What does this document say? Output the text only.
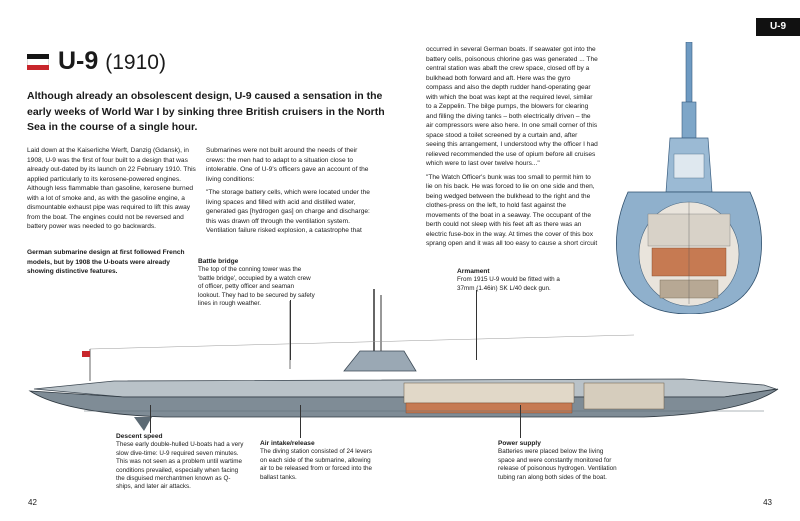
U-9
U-9 (1910)
Although already an obsolescent design, U-9 caused a sensation in the early weeks of World War I by sinking three British cruisers in the North Sea in the course of a single hour.

Laid down at the Kaiserliche Werft, Danzig (Gdansk), in 1908, U-9 was the first of four built to a design that was already out-dated by its launch on 22 February 1910. This applied particularly to its kerosene-powered engines. Although less flammable than gasoline, kerosene burned with a lot of smoke and, as with the gasoline engine, a dismountable exhaust pipe was required to lift this away from the boat. The engines could not be reversed and battery power was needed to go backwards.

Submarines were not built around the needs of their crews: the men had to adapt to a situation close to intolerable. One of U-9's officers gave an account of the living conditions:

"The storage battery cells, which were located under the living spaces and filled with acid and distilled water, generated gas [hydrogen gas] on charge and discharge: this was drawn off through the ventilation system. Ventilation failure risked explosion, a catastrophe that

occurred in several German boats. If seawater got into the battery cells, poisonous chlorine gas was generated ... The central station was abaft the crew space, closed off by a bulkhead both forward and aft. Here was the gyro compass and also the depth rudder hand-operating gear with which the boat was kept at the required level, similar to a Zeppelin. The bilge pumps, the blowers for clearing and filling the diving tanks – both electrically driven – the air compressors were also here. In one small corner of this space stood a toilet screened by a curtain and, after seeing this arrangement, I understood why the officer I had relieved recommended the use of opium before all cruises which were to last over twelve hours..."

"The Watch Officer's bunk was too small to permit him to lie on his back. He was forced to lie on one side and then, being wedged between the bulkhead to the right and the clothes-press on the left, to hold fast against the movements of the boat in a seaway. The occupant of the berth could not sleep with his feet aft as there was an electric fuse-box in the way. At times the cover of this box sprang open and it was all too easy to cause a short circuit

German submarine design at first followed French models, but by 1908 the U-boats were already showing distinctive features.
Battle bridge
The top of the conning tower was the 'battle bridge', occupied by a watch crew of officer, petty officer and seaman lookout. They had to be secured by safety lines in rough weather.
Armament
From 1915 U-9 would be fitted with a 37mm (1.46in) SK L/40 deck gun.
Descent speed
These early double-hulled U-boats had a very slow dive-time: U-9 required seven minutes. This was not seen as a problem until wartime conditions prevailed, especially when facing the disguised merchantmen known as Q-ships, and later air attacks.
Air intake/release
The diving station consisted of 24 levers on each side of the submarine, allowing air to be released from or forced into the ballast tanks.
Power supply
Batteries were placed below the living space and were constantly monitored for release of poisonous hydrogen. Ventilation tubing ran along both sides of the boat.
42	43
